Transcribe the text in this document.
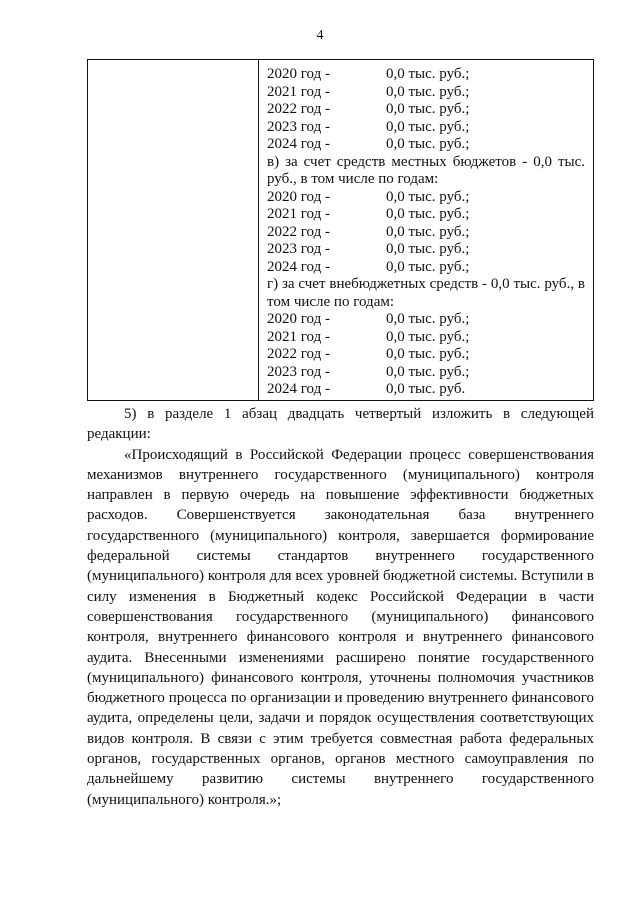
4
2020 год -	0,0 тыс. руб.;
2021 год -	0,0 тыс. руб.;
2022 год -	0,0 тыс. руб.;
2023 год -	0,0 тыс. руб.;
2024 год -	0,0 тыс. руб.;
в) за счет средств местных бюджетов - 0,0 тыс. руб., в том числе по годам:
2020 год -	0,0 тыс. руб.;
2021 год -	0,0 тыс. руб.;
2022 год -	0,0 тыс. руб.;
2023 год -	0,0 тыс. руб.;
2024 год -	0,0 тыс. руб.;
г) за счет внебюджетных средств - 0,0 тыс. руб., в том числе по годам:
2020 год -	0,0 тыс. руб.;
2021 год -	0,0 тыс. руб.;
2022 год -	0,0 тыс. руб.;
2023 год -	0,0 тыс. руб.;
2024 год -	0,0 тыс. руб.

5) в разделе 1 абзац двадцать четвертый изложить в следующей редакции:

«Происходящий в Российской Федерации процесс совершенствования механизмов внутреннего государственного (муниципального) контроля направлен в первую очередь на повышение эффективности бюджетных расходов. Совершенствуется законодательная база внутреннего государственного (муниципального) контроля, завершается формирование федеральной системы стандартов внутреннего государственного (муниципального) контроля для всех уровней бюджетной системы. Вступили в силу изменения в Бюджетный кодекс Российской Федерации в части совершенствования государственного (муниципального) финансового контроля, внутреннего финансового контроля и внутреннего финансового аудита. Внесенными изменениями расширено понятие государственного (муниципального) финансового контроля, уточнены полномочия участников бюджетного процесса по организации и проведению внутреннего финансового аудита, определены цели, задачи и порядок осуществления соответствующих видов контроля. В связи с этим требуется совместная работа федеральных органов, государственных органов, органов местного самоуправления по дальнейшему развитию системы внутреннего государственного (муниципального) контроля.»;
